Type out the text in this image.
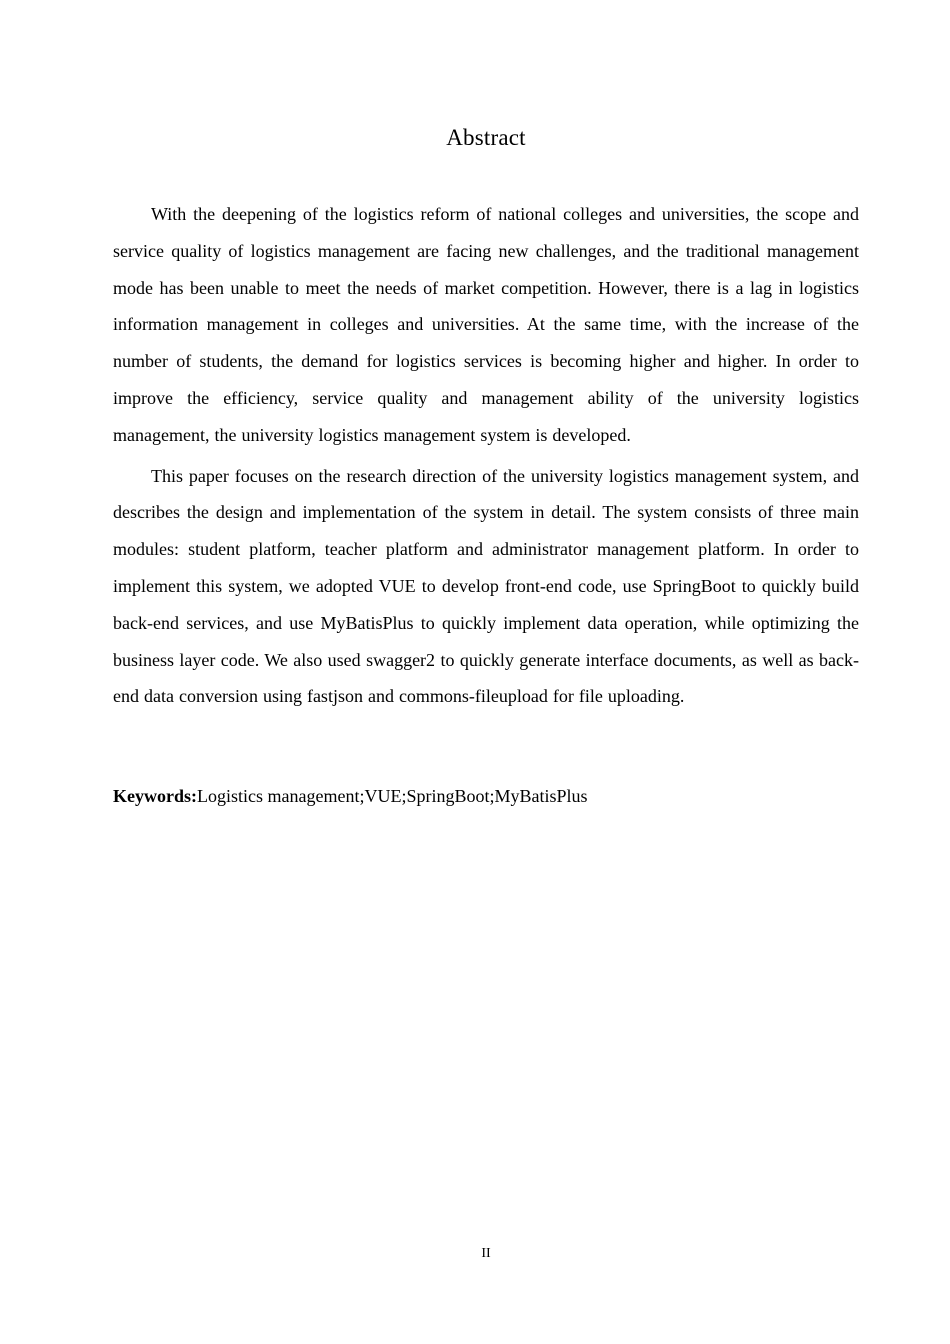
Abstract

With the deepening of the logistics reform of national colleges and universities, the scope and service quality of logistics management are facing new challenges, and the traditional management mode has been unable to meet the needs of market competition. However, there is a lag in logistics information management in colleges and universities. At the same time, with the increase of the number of students, the demand for logistics services is becoming higher and higher. In order to improve the efficiency, service quality and management ability of the university logistics management, the university logistics management system is developed.

This paper focuses on the research direction of the university logistics management system, and describes the design and implementation of the system in detail. The system consists of three main modules: student platform, teacher platform and administrator management platform. In order to implement this system, we adopted VUE to develop front-end code, use SpringBoot to quickly build back-end services, and use MyBatisPlus to quickly implement data operation, while optimizing the business layer code. We also used swagger2 to quickly generate interface documents, as well as back-end data conversion using fastjson and commons-fileupload for file uploading.

Keywords:Logistics management;VUE;SpringBoot;MyBatisPlus
II
